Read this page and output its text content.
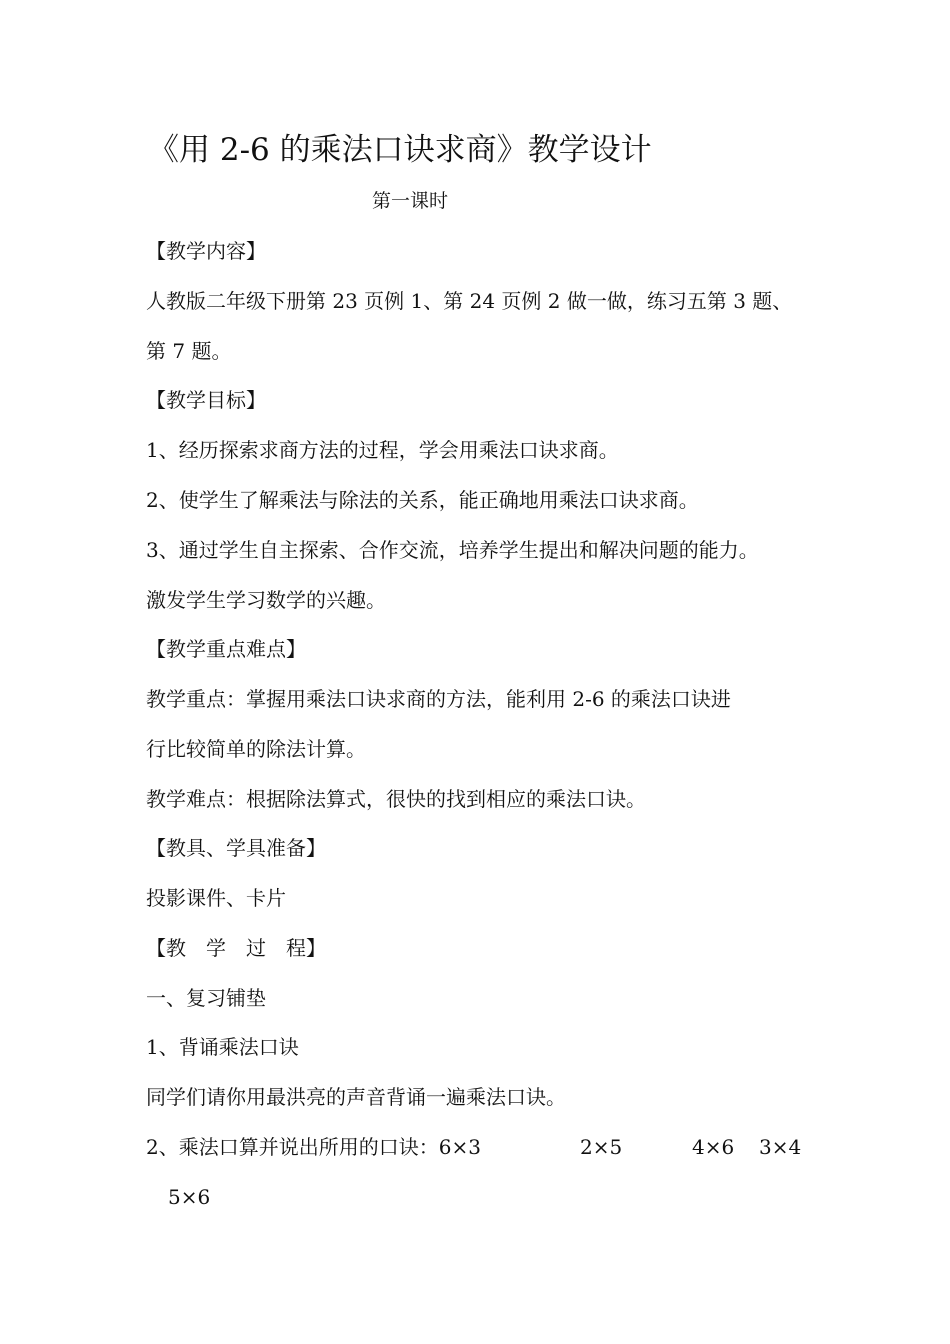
《用 2-6 的乘法口诀求商》教学设计
第一课时
【教学内容】
人教版二年级下册第 23 页例 1、第 24 页例 2 做一做，练习五第 3 题、
第 7 题。
【教学目标】
1、经历探索求商方法的过程，学会用乘法口诀求商。
2、使学生了解乘法与除法的关系，能正确地用乘法口诀求商。
3、通过学生自主探索、合作交流，培养学生提出和解决问题的能力。
激发学生学习数学的兴趣。
【教学重点难点】
教学重点：掌握用乘法口诀求商的方法，能利用 2-6 的乘法口诀进
行比较简单的除法计算。
教学难点：根据除法算式，很快的找到相应的乘法口诀。
【教具、学具准备】
投影课件、卡片
【教　学　过　程】
一、复习铺垫
1、背诵乘法口诀
同学们请你用最洪亮的声音背诵一遍乘法口诀。
2、乘法口算并说出所用的口诀：6×3	2×5	4×6 3×4
5×6
